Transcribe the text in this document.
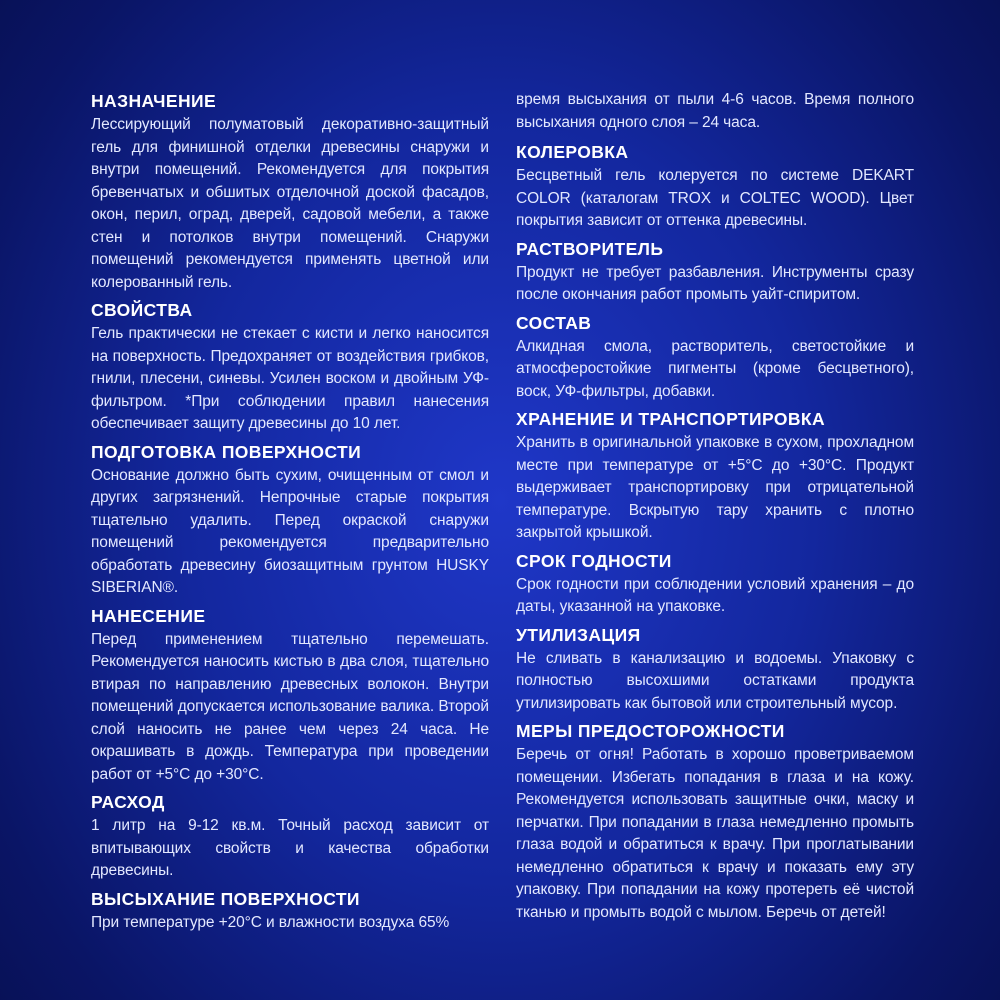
НАЗНАЧЕНИЕ

Лессирующий полуматовый декоративно-защитный гель для финишной отделки древесины снаружи и внутри помещений. Рекомендуется для покрытия бревенчатых и обшитых отделочной доской фасадов, окон, перил, оград, дверей, садовой мебели, а также стен и потолков внутри помещений. Снаружи помещений рекомендуется применять цветной или колерованный гель.

СВОЙСТВА

Гель практически не стекает с кисти и легко наносится на поверхность. Предохраняет от воздействия грибков, гнили, плесени, синевы. Усилен воском и двойным УФ-фильтром. *При соблюдении правил нанесения обеспечивает защиту древесины до 10 лет.

ПОДГОТОВКА ПОВЕРХНОСТИ

Основание должно быть сухим, очищенным от смол и других загрязнений. Непрочные старые покрытия тщательно удалить. Перед окраской снаружи помещений рекомендуется предварительно обработать древесину биозащитным грунтом HUSKY SIBERIAN®.

НАНЕСЕНИЕ

Перед применением тщательно перемешать. Рекомендуется наносить кистью в два слоя, тщательно втирая по направлению древесных волокон. Внутри помещений допускается использование валика. Второй слой наносить не ранее чем через 24 часа. Не окрашивать в дождь. Температура при проведении работ от +5°С до +30°С.

РАСХОД

1 литр на 9-12 кв.м. Точный расход зависит от впитывающих свойств и качества обработки древесины.

ВЫСЫХАНИЕ ПОВЕРХНОСТИ

При температуре +20°С и влажности воздуха 65%

время высыхания от пыли 4-6 часов. Время полного высыхания одного слоя – 24 часа.

КОЛЕРОВКА

Бесцветный гель колеруется по системе DEKART COLOR (каталогам TROX и COLTEC WOOD). Цвет покрытия зависит от оттенка древесины.

РАСТВОРИТЕЛЬ

Продукт не требует разбавления. Инструменты сразу после окончания работ промыть уайт-спиритом.

СОСТАВ

Алкидная смола, растворитель, светостойкие и атмосферостойкие пигменты (кроме бесцветного), воск, УФ-фильтры, добавки.

ХРАНЕНИЕ И ТРАНСПОРТИРОВКА

Хранить в оригинальной упаковке в сухом, прохладном месте при температуре от +5°С до +30°С. Продукт выдерживает транспортировку при отрицательной температуре. Вскрытую тару хранить с плотно закрытой крышкой.

СРОК ГОДНОСТИ

Срок годности при соблюдении условий хранения – до даты, указанной на упаковке.

УТИЛИЗАЦИЯ

Не сливать в канализацию и водоемы. Упаковку с полностью высохшими остатками продукта утилизировать как бытовой или строительный мусор.

МЕРЫ ПРЕДОСТОРОЖНОСТИ

Беречь от огня! Работать в хорошо проветриваемом помещении. Избегать попадания в глаза и на кожу. Рекомендуется использовать защитные очки, маску и перчатки. При попадании в глаза немедленно промыть глаза водой и обратиться к врачу. При проглатывании немедленно обратиться к врачу и показать ему эту упаковку. При попадании на кожу протереть её чистой тканью и промыть водой с мылом. Беречь от детей!
